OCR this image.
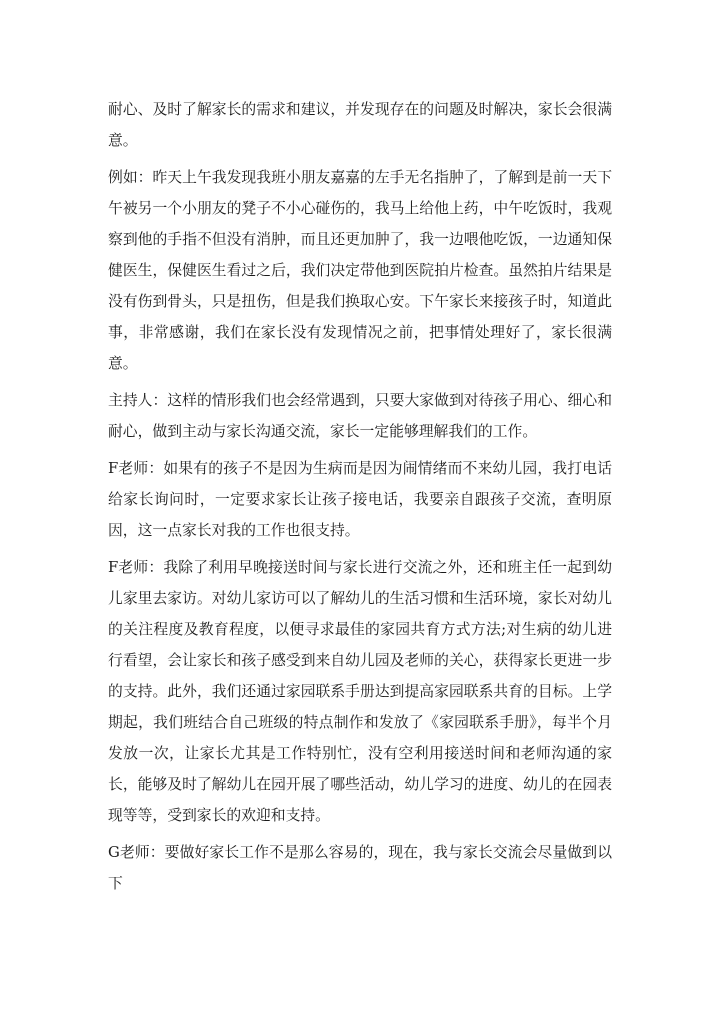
耐心、及时了解家长的需求和建议，并发现存在的问题及时解决，家长会很满意。

例如：昨天上午我发现我班小朋友嘉嘉的左手无名指肿了，了解到是前一天下午被另一个小朋友的凳子不小心碰伤的，我马上给他上药，中午吃饭时，我观察到他的手指不但没有消肿，而且还更加肿了，我一边喂他吃饭，一边通知保健医生，保健医生看过之后，我们决定带他到医院拍片检查。虽然拍片结果是没有伤到骨头，只是扭伤，但是我们换取心安。下午家长来接孩子时，知道此事，非常感谢，我们在家长没有发现情况之前，把事情处理好了，家长很满意。

主持人：这样的情形我们也会经常遇到，只要大家做到对待孩子用心、细心和耐心，做到主动与家长沟通交流，家长一定能够理解我们的工作。

F老师：如果有的孩子不是因为生病而是因为闹情绪而不来幼儿园，我打电话给家长询问时，一定要求家长让孩子接电话，我要亲自跟孩子交流，查明原因，这一点家长对我的工作也很支持。

F老师：我除了利用早晚接送时间与家长进行交流之外，还和班主任一起到幼儿家里去家访。对幼儿家访可以了解幼儿的生活习惯和生活环境，家长对幼儿的关注程度及教育程度，以便寻求最佳的家园共育方式方法;对生病的幼儿进行看望，会让家长和孩子感受到来自幼儿园及老师的关心，获得家长更进一步的支持。此外，我们还通过家园联系手册达到提高家园联系共育的目标。上学期起，我们班结合自己班级的特点制作和发放了《家园联系手册》，每半个月发放一次，让家长尤其是工作特别忙，没有空利用接送时间和老师沟通的家长，能够及时了解幼儿在园开展了哪些活动，幼儿学习的进度、幼儿的在园表现等等，受到家长的欢迎和支持。

G老师：要做好家长工作不是那么容易的，现在，我与家长交流会尽量做到以下
